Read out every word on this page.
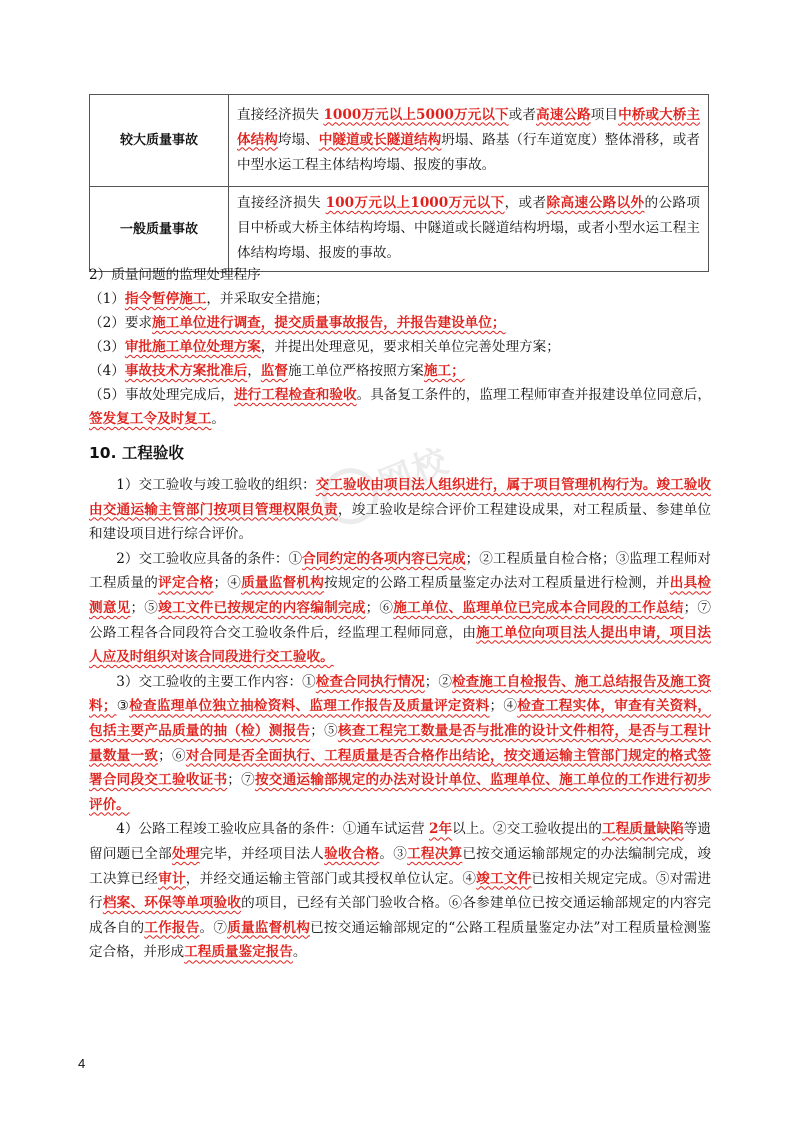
较大质量事故	直接经济损失 1000万元以上5000万元以下或者高速公路项目中桥或大桥主体结构垮塌、中隧道或长隧道结构坍塌、路基（行车道宽度）整体滑移，或者中型水运工程主体结构垮塌、报废的事故。
一般质量事故	直接经济损失 100万元以上1000万元以下，或者除高速公路以外的公路项目中桥或大桥主体结构垮塌、中隧道或长隧道结构坍塌，或者小型水运工程主体结构垮塌、报废的事故。

2）质量问题的监理处理程序

（1）指令暂停施工，并采取安全措施；

（2）要求施工单位进行调查，提交质量事故报告，并报告建设单位；

（3）审批施工单位处理方案，并提出处理意见，要求相关单位完善处理方案；

（4）事故技术方案批准后，监督施工单位严格按照方案施工；

（5）事故处理完成后，进行工程检查和验收。具备复工条件的，监理工程师审查并报建设单位同意后，签发复工令及时复工。

10. 工程验收	网校

1）交工验收与竣工验收的组织：交工验收由项目法人组织进行，属于项目管理机构行为。竣工验收由交通运输主管部门按项目管理权限负责，竣工验收是综合评价工程建设成果，对工程质量、参建单位和建设项目进行综合评价。

2）交工验收应具备的条件：①合同约定的各项内容已完成；②工程质量自检合格；③监理工程师对工程质量的评定合格；④质量监督机构按规定的公路工程质量鉴定办法对工程质量进行检测，并出具检测意见；⑤竣工文件已按规定的内容编制完成；⑥施工单位、监理单位已完成本合同段的工作总结；⑦公路工程各合同段符合交工验收条件后，经监理工程师同意，由施工单位向项目法人提出申请，项目法人应及时组织对该合同段进行交工验收。

3）交工验收的主要工作内容：①检查合同执行情况；②检查施工自检报告、施工总结报告及施工资料；③检查监理单位独立抽检资料、监理工作报告及质量评定资料；④检查工程实体，审查有关资料，包括主要产品质量的抽（检）测报告；⑤核查工程完工数量是否与批准的设计文件相符，是否与工程计量数量一致；⑥对合同是否全面执行、工程质量是否合格作出结论，按交通运输主管部门规定的格式签署合同段交工验收证书；⑦按交通运输部规定的办法对设计单位、监理单位、施工单位的工作进行初步评价。

4）公路工程竣工验收应具备的条件：①通车试运营 2年以上。②交工验收提出的工程质量缺陷等遗留问题已全部处理完毕，并经项目法人验收合格。③工程决算已按交通运输部规定的办法编制完成，竣工决算已经审计，并经交通运输主管部门或其授权单位认定。④竣工文件已按相关规定完成。⑤对需进行档案、环保等单项验收的项目，已经有关部门验收合格。⑥各参建单位已按交通运输部规定的内容完成各自的工作报告。⑦质量监督机构已按交通运输部规定的“公路工程质量鉴定办法”对工程质量检测鉴定合格，并形成工程质量鉴定报告。

4
